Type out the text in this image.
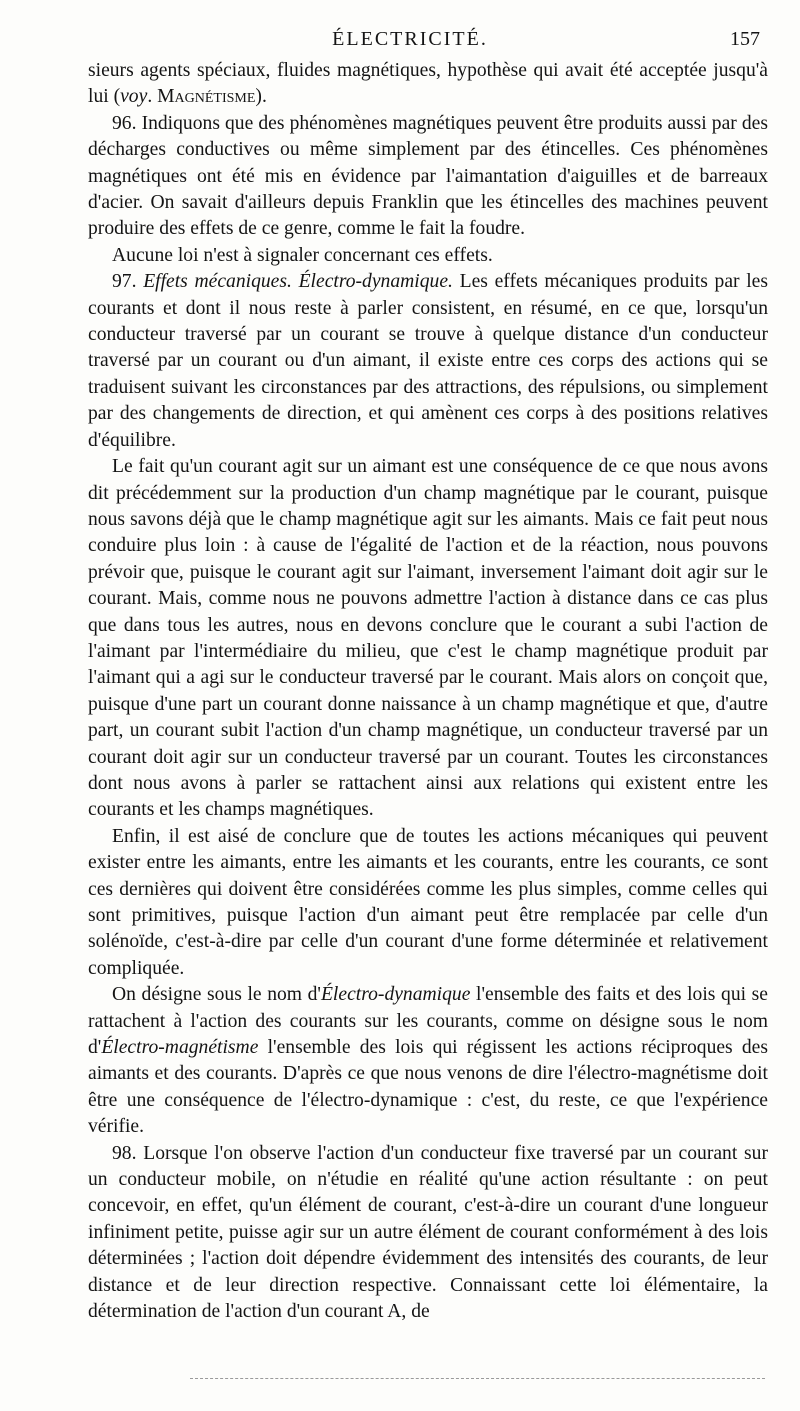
ÉLECTRICITÉ.	157

sieurs agents spéciaux, fluides magnétiques, hypothèse qui avait été acceptée jusqu'à lui (voy. Magnétisme).

96. Indiquons que des phénomènes magnétiques peuvent être produits aussi par des décharges conductives ou même simplement par des étincelles. Ces phénomènes magnétiques ont été mis en évidence par l'aimantation d'aiguilles et de barreaux d'acier. On savait d'ailleurs depuis Franklin que les étincelles des machines peuvent produire des effets de ce genre, comme le fait la foudre.

Aucune loi n'est à signaler concernant ces effets.

97. Effets mécaniques. Électro-dynamique. Les effets mécaniques produits par les courants et dont il nous reste à parler consistent, en résumé, en ce que, lorsqu'un conducteur traversé par un courant se trouve à quelque distance d'un conducteur traversé par un courant ou d'un aimant, il existe entre ces corps des actions qui se traduisent suivant les circonstances par des attractions, des répulsions, ou simplement par des changements de direction, et qui amènent ces corps à des positions relatives d'équilibre.

Le fait qu'un courant agit sur un aimant est une conséquence de ce que nous avons dit précédemment sur la production d'un champ magnétique par le courant, puisque nous savons déjà que le champ magnétique agit sur les aimants. Mais ce fait peut nous conduire plus loin : à cause de l'égalité de l'action et de la réaction, nous pouvons prévoir que, puisque le courant agit sur l'aimant, inversement l'aimant doit agir sur le courant. Mais, comme nous ne pouvons admettre l'action à distance dans ce cas plus que dans tous les autres, nous en devons conclure que le courant a subi l'action de l'aimant par l'intermédiaire du milieu, que c'est le champ magnétique produit par l'aimant qui a agi sur le conducteur traversé par le courant. Mais alors on conçoit que, puisque d'une part un courant donne naissance à un champ magnétique et que, d'autre part, un courant subit l'action d'un champ magnétique, un conducteur traversé par un courant doit agir sur un conducteur traversé par un courant. Toutes les circonstances dont nous avons à parler se rattachent ainsi aux relations qui existent entre les courants et les champs magnétiques.

Enfin, il est aisé de conclure que de toutes les actions mécaniques qui peuvent exister entre les aimants, entre les aimants et les courants, entre les courants, ce sont ces dernières qui doivent être considérées comme les plus simples, comme celles qui sont primitives, puisque l'action d'un aimant peut être remplacée par celle d'un solénoïde, c'est-à-dire par celle d'un courant d'une forme déterminée et relativement compliquée.

On désigne sous le nom d'Électro-dynamique l'ensemble des faits et des lois qui se rattachent à l'action des courants sur les courants, comme on désigne sous le nom d'Électro-magnétisme l'ensemble des lois qui régissent les actions réciproques des aimants et des courants. D'après ce que nous venons de dire l'électro-magnétisme doit être une conséquence de l'électro-dynamique : c'est, du reste, ce que l'expérience vérifie.

98. Lorsque l'on observe l'action d'un conducteur fixe traversé par un courant sur un conducteur mobile, on n'étudie en réalité qu'une action résultante : on peut concevoir, en effet, qu'un élément de courant, c'est-à-dire un courant d'une longueur infiniment petite, puisse agir sur un autre élément de courant conformément à des lois déterminées ; l'action doit dépendre évidemment des intensités des courants, de leur distance et de leur direction respective. Connaissant cette loi élémentaire, la détermination de l'action d'un courant A, de
